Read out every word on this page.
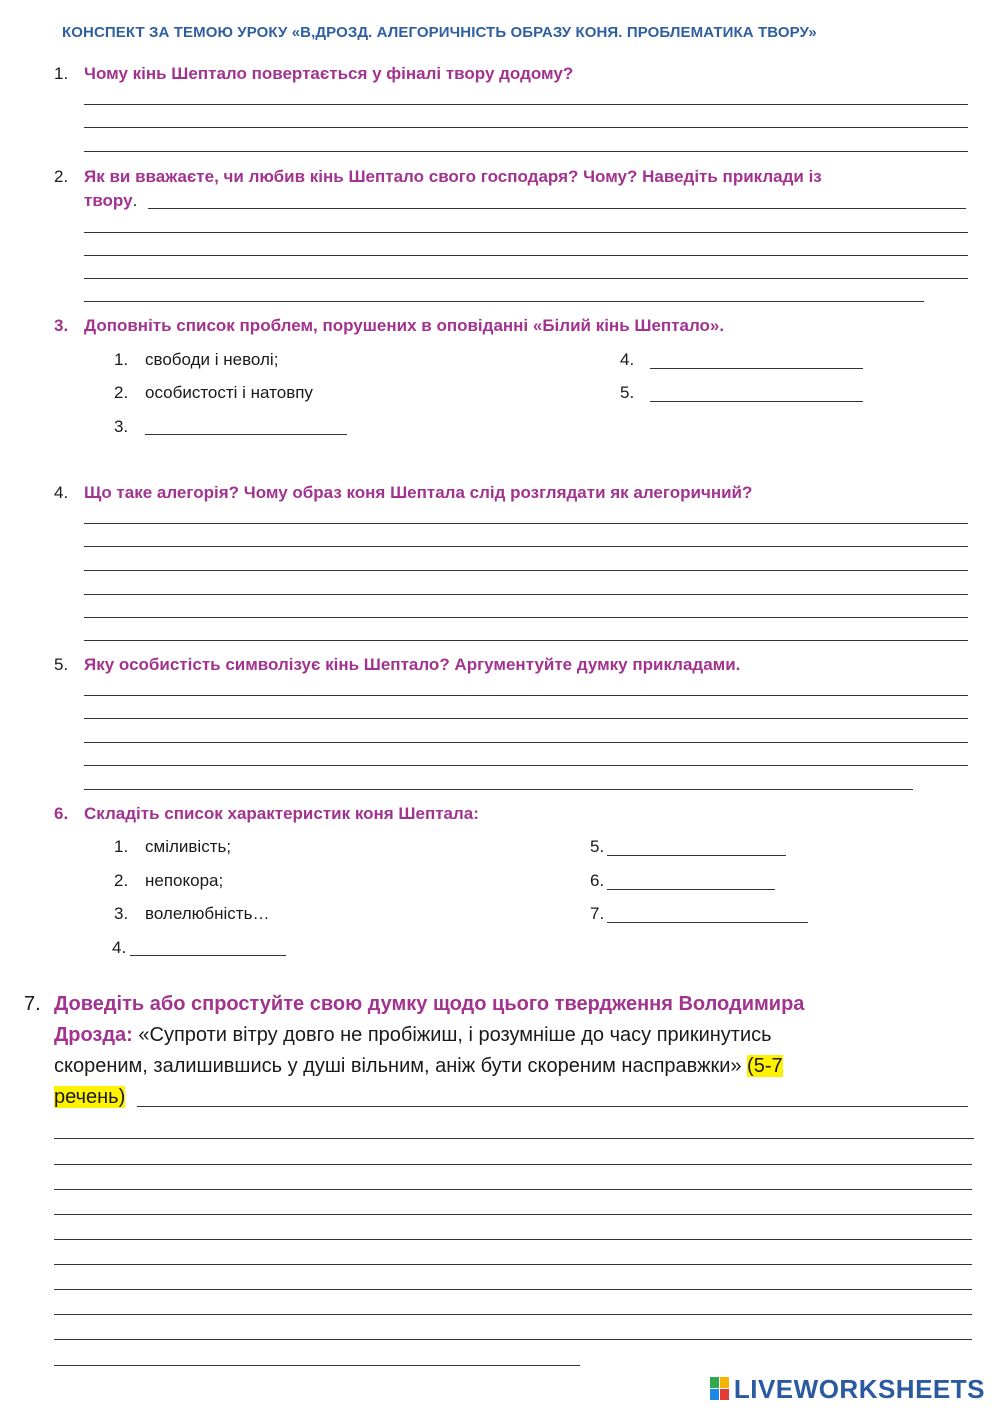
КОНСПЕКТ ЗА ТЕМОЮ УРОКУ «В,ДРОЗД. АЛЕГОРИЧНІСТЬ ОБРАЗУ КОНЯ. ПРОБЛЕМАТИКА ТВОРУ»
1. Чому кінь Шептало повертається у фіналі твору додому?
2. Як ви вважаєте, чи любив кінь Шептало свого господаря? Чому? Наведіть приклади із
твору.
3. Доповніть список проблем, порушених в оповіданні «Білий кінь Шептало».
1. свободи і неволі;
2. особистості і натовпу
3.
4.
5.
4. Що таке алегорія? Чому образ коня Шептала слід розглядати як алегоричний?
5. Яку особистість символізує кінь Шептало? Аргументуйте думку прикладами.
6. Складіть список характеристик коня Шептала:
1. сміливість;
2. непокора;
3. волелюбність…
4.
5.
6.
7.
7. Доведіть або спростуйте свою думку щодо цього твердження Володимира
Дрозда: «Супроти вітру довго не пробіжиш, і розумніше до часу прикинутись
скореним, залишившись у душі вільним, аніж бути скореним насправжки» (5-7
речень)
LIVEWORKSHEETS
